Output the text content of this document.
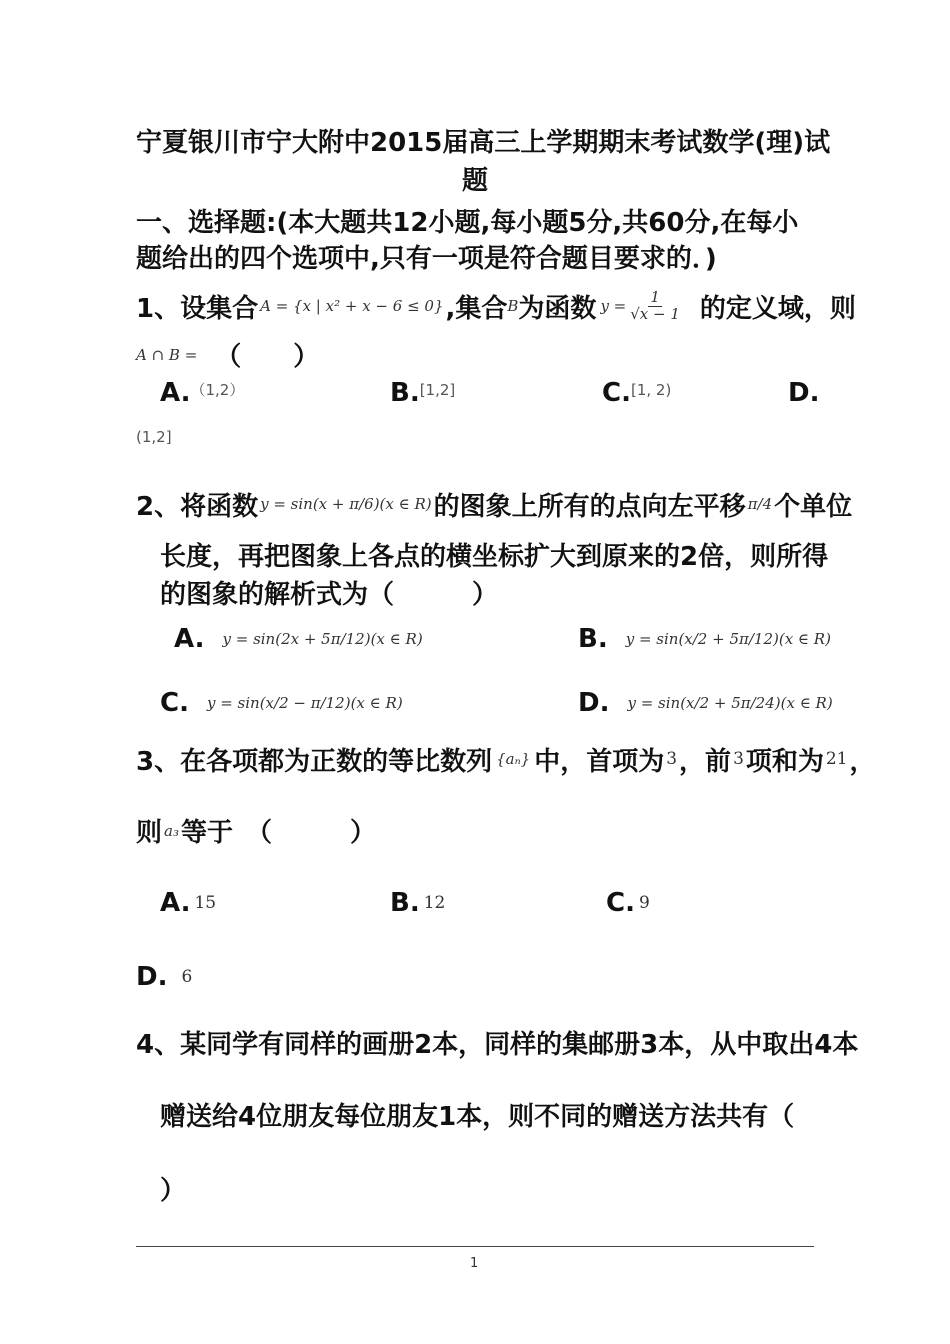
宁夏银川市宁大附中2015届高三上学期期末考试数学(理)试
题
一、选择题:(本大题共12小题,每小题5分,共60分,在每小
题给出的四个选项中,只有一项是符合题目要求的．)
1、设集合 A = {x | x² + x − 6 ≤ 0} ,集合 B 为函数 $y = \frac{1}{√x - 1}$ 的定义域，则
A ∩ B = （　　）
A.$^{(1,2)}$	B.[1,2]	C.$^{[1, 2)}$	D.
(1,2]
2、将函数 y = sin(x + π/6)(x ∈ R) 的图象上所有的点向左平移 π/4 个单位
长度，再把图象上各点的横坐标扩大到原来的2倍，则所得
的图象的解析式为（　　　）
A. y = sin(2x + 5π/12)(x ∈ R)	B. y = sin(x/2 + 5π/12)(x ∈ R)
C. y = sin(x/2 − π/12)(x ∈ R)	D. y = sin(x/2 + 5π/24)(x ∈ R)
3、在各项都为正数的等比数列 {aₙ} 中，首项为 3 ，前 3 项和为 21 ，
则 a₃ 等于　（　　　）
A. 15	B. 12	C. 9
D. 6
4、某同学有同样的画册2本，同样的集邮册3本，从中取出4本
赠送给4位朋友每位朋友1本，则不同的赠送方法共有（
）
1
